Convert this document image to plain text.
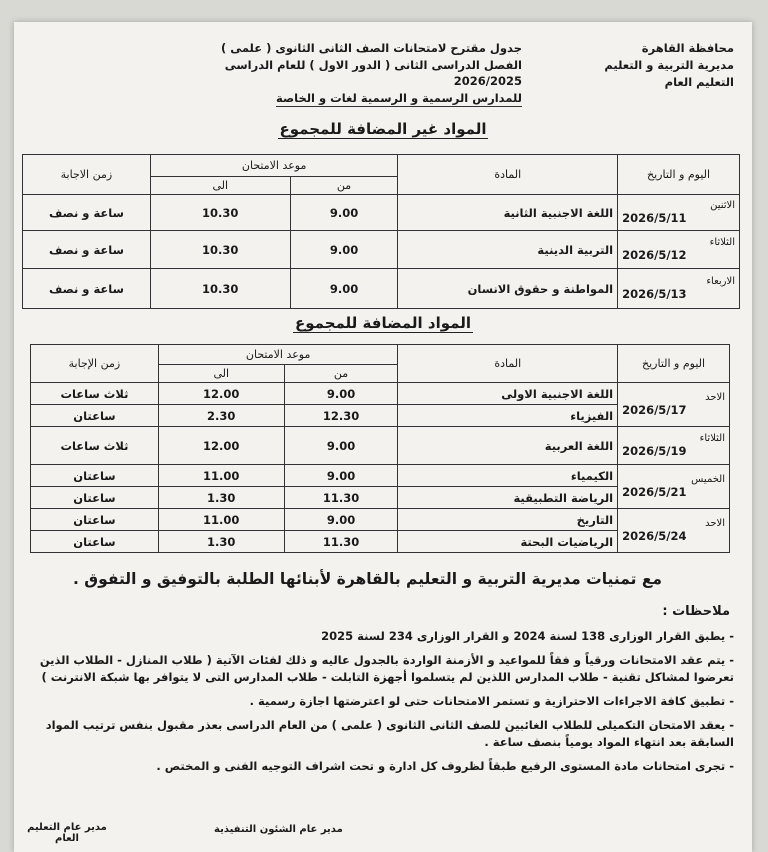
محافظة القاهرة
مديرية التربية و التعليم
التعليم العام
جدول مقترح لامتحانات الصف الثانى الثانوى ( علمى )
الفصل الدراسى الثانى ( الدور الاول ) للعام الدراسى 2026/2025
للمدارس الرسمية و الرسمية لغات و الخاصة
المواد غير المضافة للمجموع
اليوم و التاريخ	المادة	موعد الامتحان		زمن الاجابة
		من	الى	

الاثنين
2026/5/11	اللغة الاجنبية الثانية	9.00	10.30	ساعة و نصف

الثلاثاء
2026/5/12	التربية الدينية	9.00	10.30	ساعة و نصف

الاربعاء
2026/5/13	المواطنة و حقوق الانسان	9.00	10.30	ساعة و نصف
المواد المضافة للمجموع
اليوم و التاريخ	المادة	موعد الامتحان		زمن الإجابة
		من	الى	

الاحد
2026/5/17	اللغة الاجنبية الاولى	9.00	12.00	ثلاث ساعات
	الفيزياء	12.30	2.30	ساعتان

الثلاثاء
2026/5/19	اللغة العربية	9.00	12.00	ثلاث ساعات

الخميس
2026/5/21	الكيمياء	9.00	11.00	ساعتان
	الرياضة التطبيقية	11.30	1.30	ساعتان

الاحد
2026/5/24	التاريخ	9.00	11.00	ساعتان
	الرياضيات البحتة	11.30	1.30	ساعتان
مع تمنيات مديرية التربية و التعليم بالقاهرة لأبنائها الطلبة بالتوفيق و التفوق .
ملاحظات :
- يطبق القرار الوزارى 138 لسنة 2024 و القرار الوزارى 234 لسنة 2025
- يتم عقد الامتحانات ورقياً و فقاً للمواعيد و الأزمنة الواردة بالجدول عاليه و ذلك لفئات الآتية ( طلاب المنازل - الطلاب الذين تعرضوا لمشاكل تقنية - طلاب المدارس اللذين لم يتسلموا أجهزة التابلت - طلاب المدارس التى لا يتوافر بها شبكة الانترنت )
- تطبيق كافة الاجراءات الاحترازية و تستمر الامتحانات حتى لو اعترضتها اجازة رسمية .
- يعقد الامتحان التكميلى للطلاب الغائبين للصف الثانى الثانوى ( علمى ) من العام الدراسى بعذر مقبول بنفس ترتيب المواد السابقة بعد انتهاء المواد يومياً بنصف ساعة .
- تجرى امتحانات مادة المستوى الرفيع طبقاً لظروف كل ادارة و تحت اشراف التوجيه الفنى و المختص .
مدير عام التعليم العام
مدير عام الشئون التنفيذية
